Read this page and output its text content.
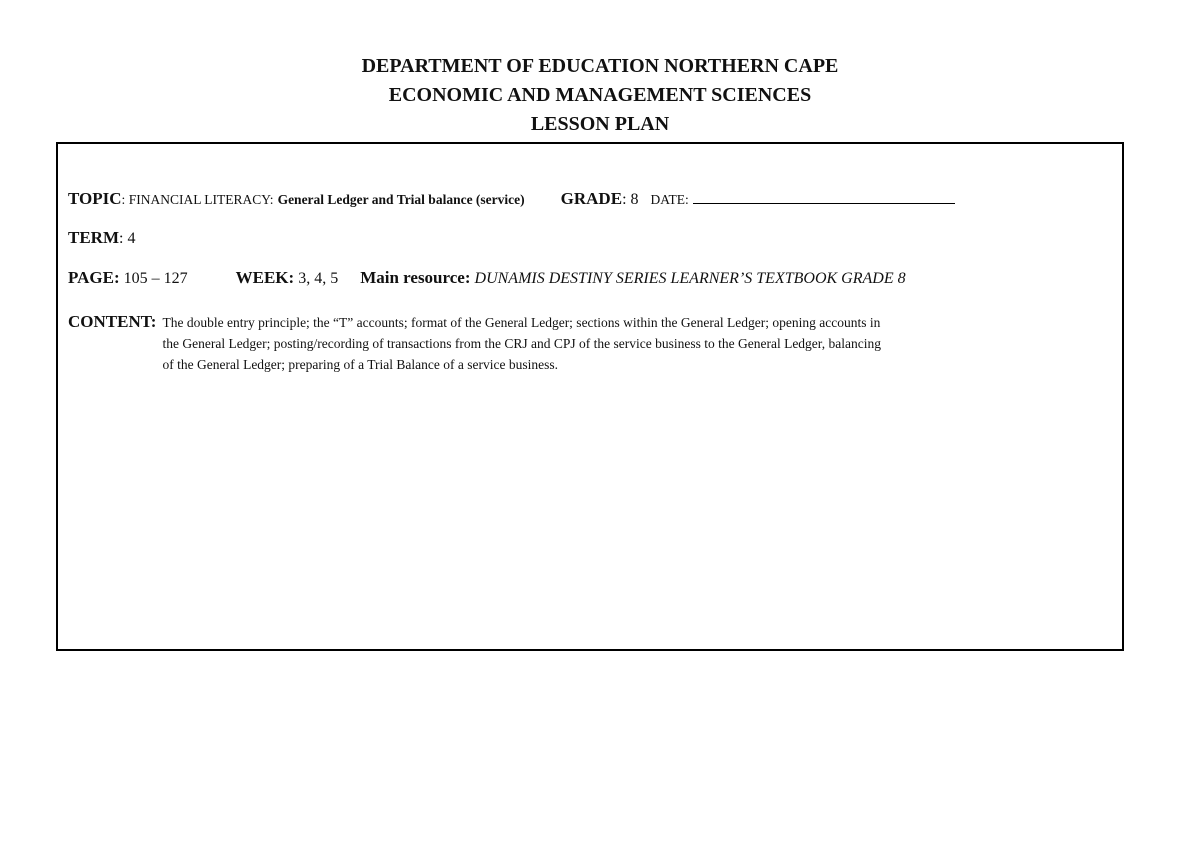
DEPARTMENT OF EDUCATION NORTHERN CAPE
ECONOMIC AND MANAGEMENT SCIENCES
LESSON PLAN
TOPIC: FINANCIAL LITERACY: General Ledger and Trial balance (service) GRADE: 8 DATE:
TERM: 4
PAGE: 105 – 127	WEEK: 3, 4, 5 Main resource: DUNAMIS DESTINY SERIES LEARNER’S TEXTBOOK GRADE 8
CONTENT: The double entry principle; the “T” accounts; format of the General Ledger; sections within the General Ledger; opening accounts in
the General Ledger; posting/recording of transactions from the CRJ and CPJ of the service business to the General Ledger, balancing
of the General Ledger; preparing of a Trial Balance of a service business.
